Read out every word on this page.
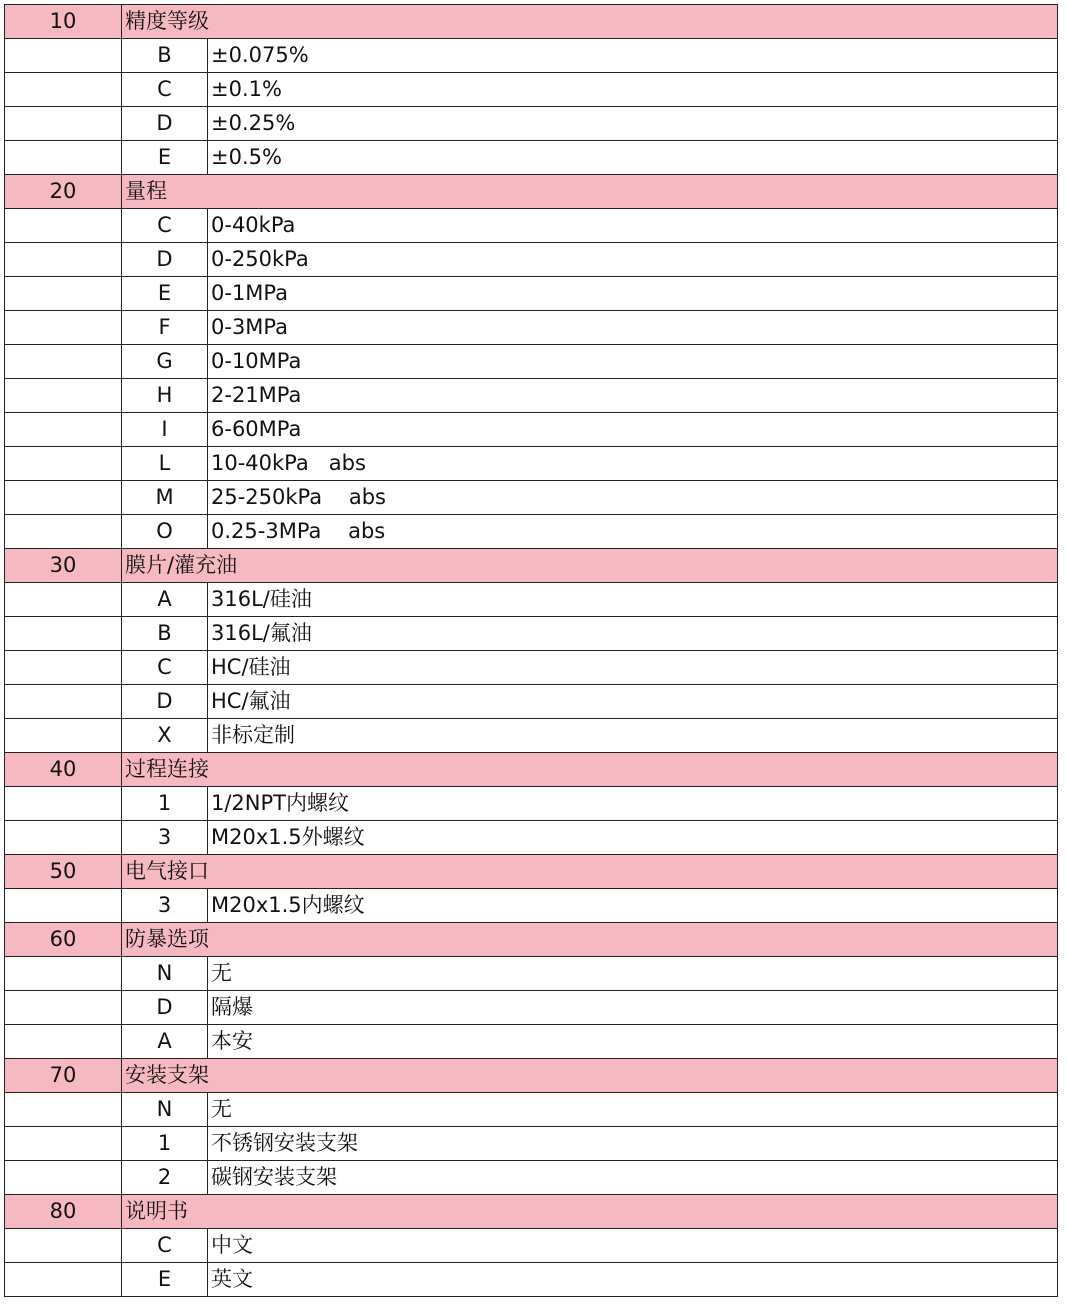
10	精度等级	
	B	±0.075%
	C	±0.1%
	D	±0.25%
	E	±0.5%
20	量程	
	C	0-40kPa
	D	0-250kPa
	E	0-1MPa
	F	0-3MPa
	G	0-10MPa
	H	2-21MPa
	I	6-60MPa
	L	10-40kPa   abs
	M	25-250kPa    abs
	O	0.25-3MPa    abs
30	膜片/灌充油	
	A	316L/硅油
	B	316L/氟油
	C	HC/硅油
	D	HC/氟油
	X	非标定制
40	过程连接	
	1	1/2NPT内螺纹
	3	M20x1.5外螺纹
50	电气接口	
	3	M20x1.5内螺纹
60	防暴选项	
	N	无
	D	隔爆
	A	本安
70	安装支架	
	N	无
	1	不锈钢安装支架
	2	碳钢安装支架
80	说明书	
	C	中文
	E	英文
